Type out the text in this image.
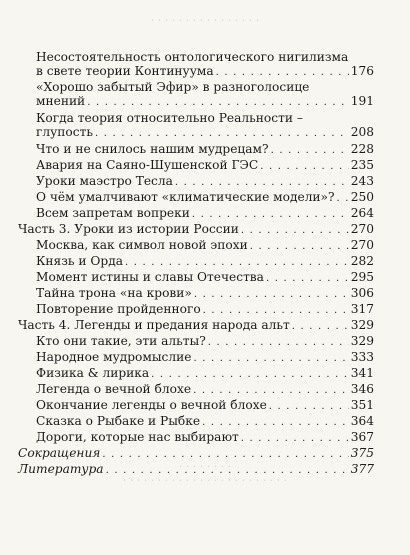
· · · · · · · · · · · · · · · ·
· · · · · · · ·
· · · · · · · · · · · · · · · · · · · · · · · ·
Несостоятельность онтологического нигилизма
в свете теории Континуума . . .	176
«Хорошо забытый Эфир» в разноголосице
мнений . . .	191
Когда теория относительно Реальности –
глупость . . .	208
Что и не снилось нашим мудрецам? . . .	228
Авария на Саяно-Шушенской ГЭС . . .	235
Уроки маэстро Тесла . . .	243
О чём умалчивают «климатические модели»? . . . 250
Всем запретам вопреки . . .	264
Часть 3. Уроки из истории России . . .	270
Москва, как символ новой эпохи . . .	270
Князь и Орда . . .	282
Момент истины и славы Отечества . . .	295
Тайна трона «на крови» . . .	306
Повторение пройденного . . .	317
Часть 4. Легенды и предания народа альт . . .	329
Кто они такие, эти альты? . . .	329
Народное мудромыслие . . .	333
Физика & лирика . . .	341
Легенда о вечной блохе . . .	346
Окончание легенды о вечной блохе . . .	351
Сказка о Рыбаке и Рыбке . . .	364
Дороги, которые нас выбирают . . .	367
Сокращения . . .	375
Литература . . .	377
